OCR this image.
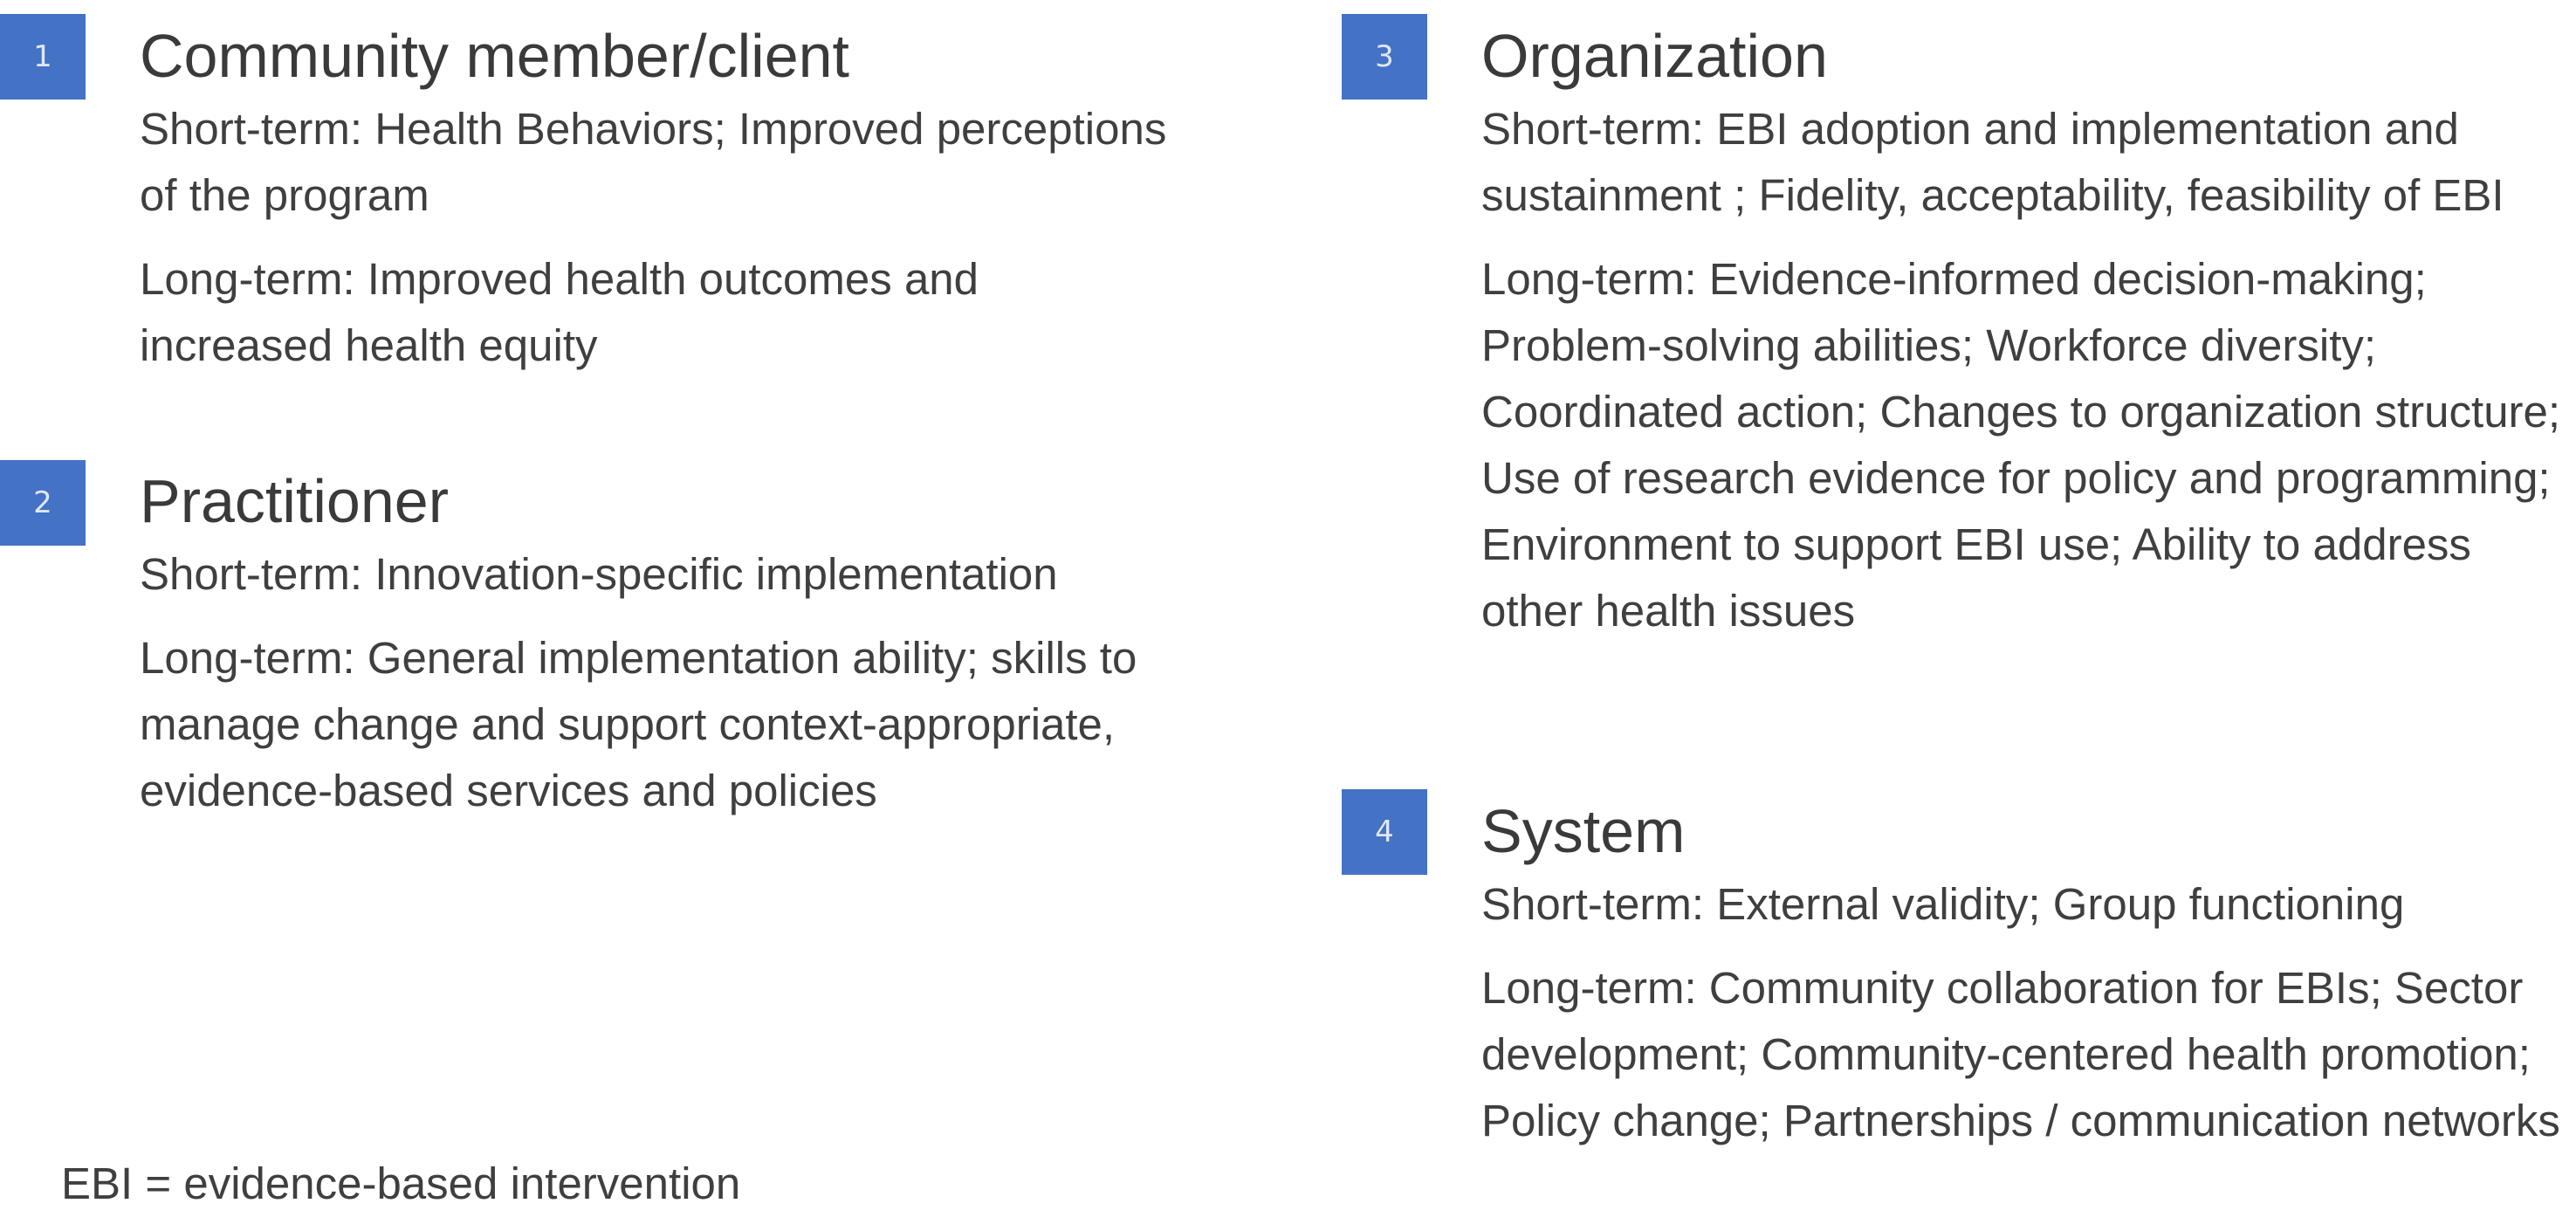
1	Community member/client

Short-term: Health Behaviors; Improved perceptions of the program

Long-term: Improved health outcomes and increased health equity

2	Practitioner

Short-term: Innovation-specific implementation

Long-term: General implementation ability; skills to manage change and support context-appropriate, evidence-based services and policies

3	Organization

Short-term: EBI adoption and implementation and sustainment ; Fidelity, acceptability, feasibility of EBI

Long-term: Evidence-informed decision-making; Problem-solving abilities; Workforce diversity; Coordinated action; Changes to organization structure; Use of research evidence for policy and programming; Environment to support EBI use; Ability to address other health issues

4	System

Short-term: External validity; Group functioning

Long-term: Community collaboration for EBIs; Sector development; Community-centered health promotion; Policy change; Partnerships / communication networks

EBI = evidence-based intervention
